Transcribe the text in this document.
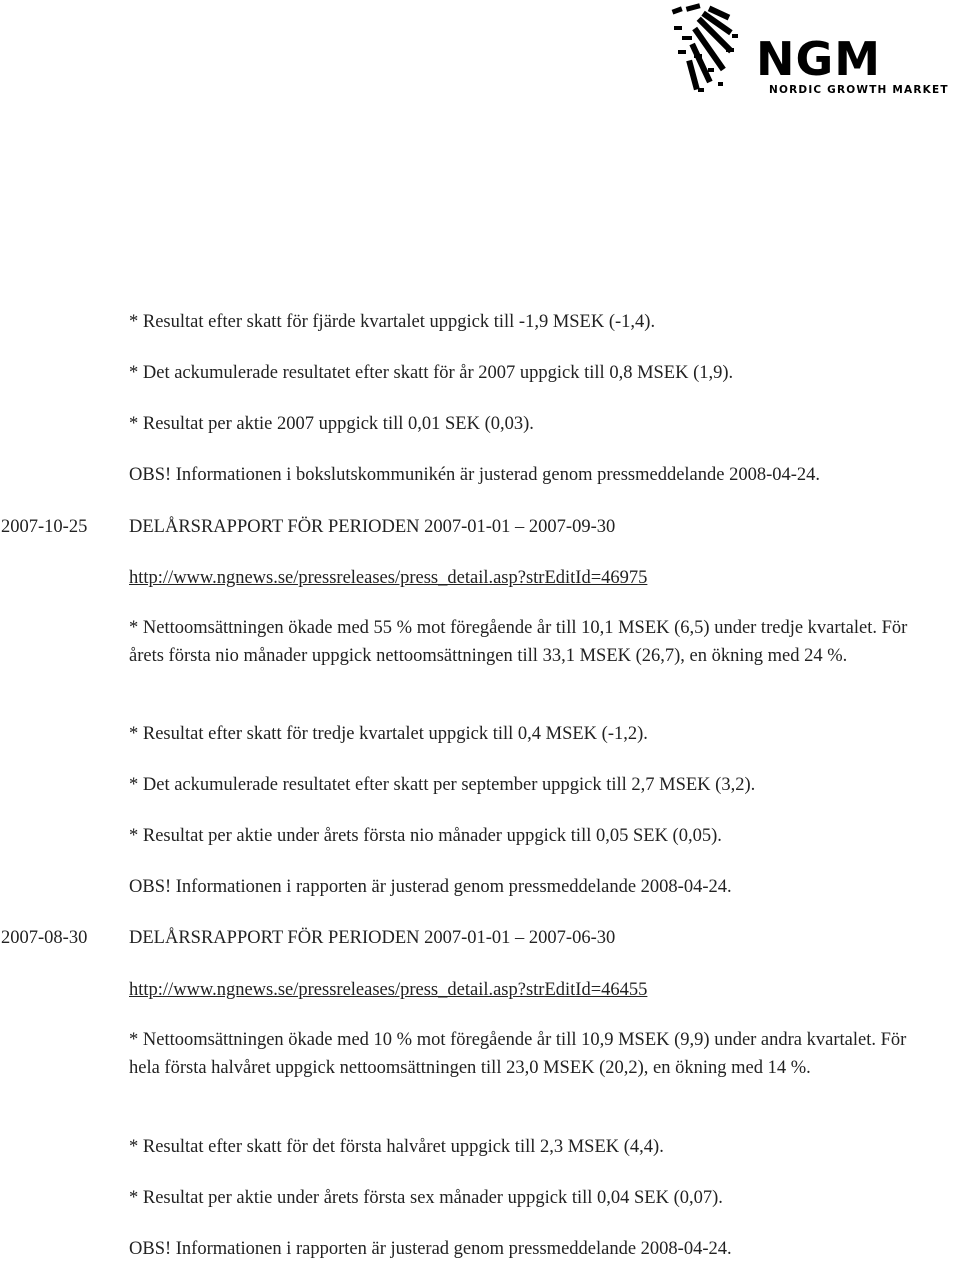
NGM
NORDIC GROWTH MARKET
* Resultat efter skatt för fjärde kvartalet uppgick till -1,9 MSEK (-1,4).
* Det ackumulerade resultatet efter skatt för år 2007 uppgick till 0,8 MSEK (1,9).
* Resultat per aktie 2007 uppgick till 0,01 SEK (0,03).
OBS! Informationen i bokslutskommunikén är justerad genom pressmeddelande 2008-04-24.
2007-10-25 DELÅRSRAPPORT FÖR PERIODEN 2007-01-01 – 2007-09-30
http://www.ngnews.se/pressreleases/press_detail.asp?strEditId=46975
* Nettoomsättningen ökade med 55 % mot föregående år till 10,1 MSEK (6,5) under tredje kvartalet. För årets första nio månader uppgick nettoomsättningen till 33,1 MSEK (26,7), en ökning med 24 %.
* Resultat efter skatt för tredje kvartalet uppgick till 0,4 MSEK (-1,2).
* Det ackumulerade resultatet efter skatt per september uppgick till 2,7 MSEK (3,2).
* Resultat per aktie under årets första nio månader uppgick till 0,05 SEK (0,05).
OBS! Informationen i rapporten är justerad genom pressmeddelande 2008-04-24.
2007-08-30 DELÅRSRAPPORT FÖR PERIODEN 2007-01-01 – 2007-06-30
http://www.ngnews.se/pressreleases/press_detail.asp?strEditId=46455
* Nettoomsättningen ökade med 10 % mot föregående år till 10,9 MSEK (9,9) under andra kvartalet. För hela första halvåret uppgick nettoomsättningen till 23,0 MSEK (20,2), en ökning med 14 %.
* Resultat efter skatt för det första halvåret uppgick till 2,3 MSEK (4,4).
* Resultat per aktie under årets första sex månader uppgick till 0,04 SEK (0,07).
OBS! Informationen i rapporten är justerad genom pressmeddelande 2008-04-24.
